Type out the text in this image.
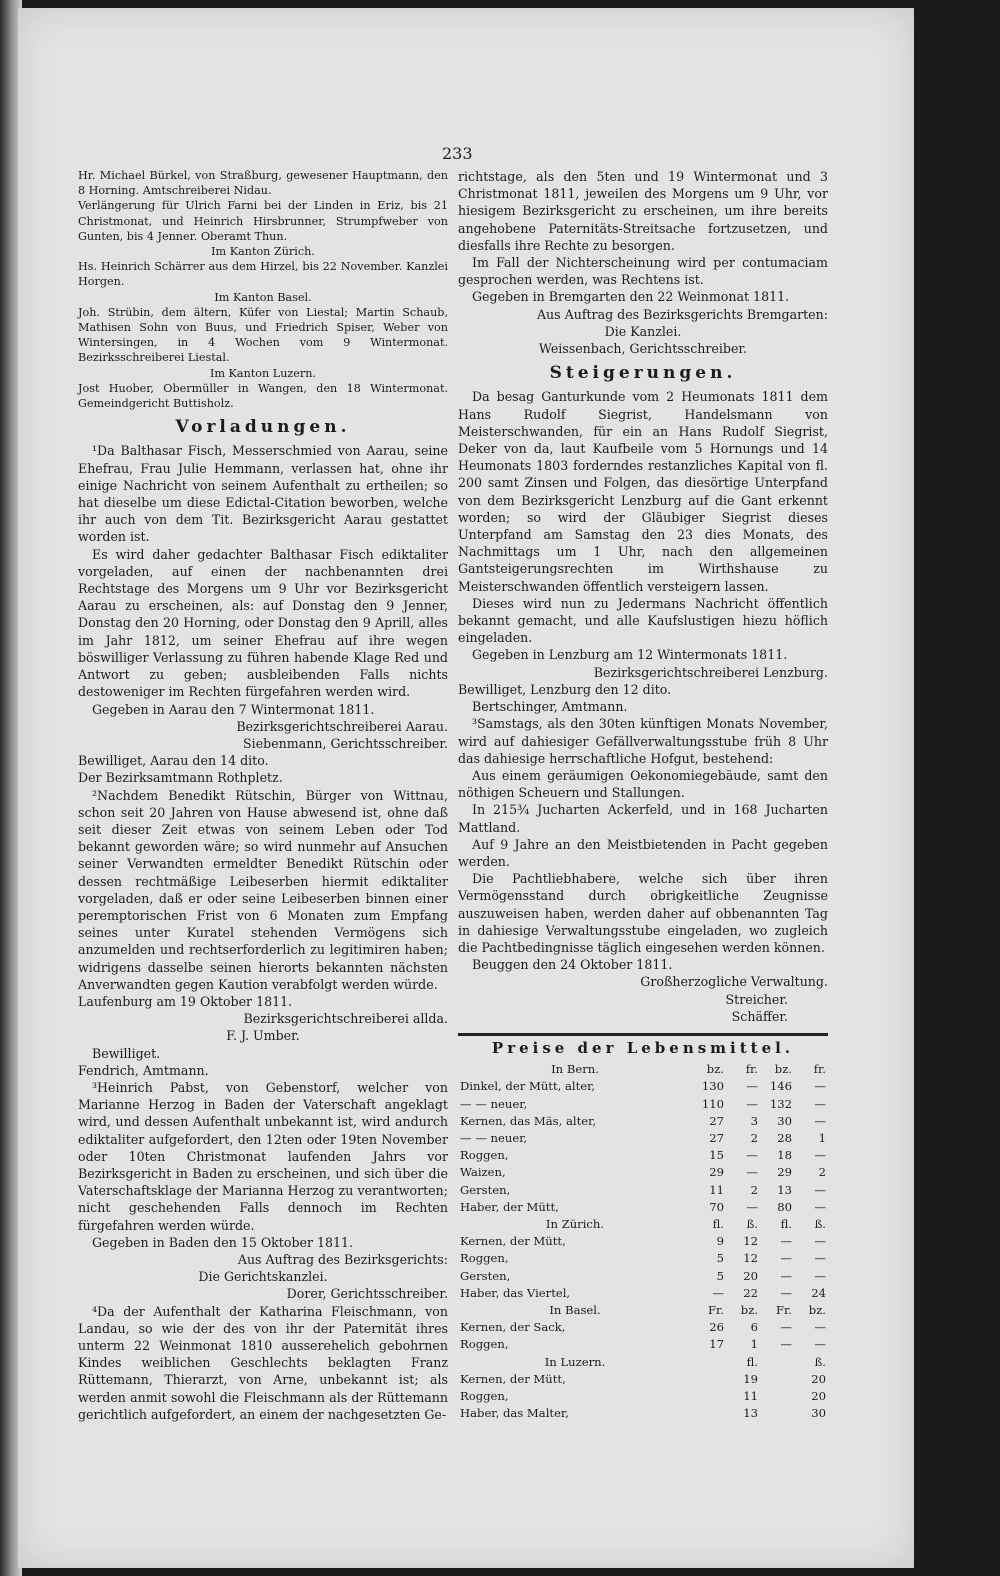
233

Hr. Michael Bürkel, von Straßburg, gewesener Hauptmann, den 8 Horning. Amtschreiberei Nidau.

Verlängerung für Ulrich Farni bei der Linden in Eriz, bis 21 Christmonat, und Heinrich Hirsbrunner, Strumpfweber von Gunten, bis 4 Jenner. Oberamt Thun.

Im Kanton Zürich.

Hs. Heinrich Schärrer aus dem Hirzel, bis 22 November. Kanzlei Horgen.

Im Kanton Basel.

Joh. Strübin, dem ältern, Küfer von Liestal; Martin Schaub, Mathisen Sohn von Buus, und Friedrich Spiser, Weber von Wintersingen, in 4 Wochen vom 9 Wintermonat. Bezirksschreiberei Liestal.

Im Kanton Luzern.

Jost Huober, Obermüller in Wangen, den 18 Wintermonat. Gemeindgericht Buttisholz.

Vorladungen.

¹Da Balthasar Fisch, Messerschmied von Aarau, seine Ehefrau, Frau Julie Hemmann, verlassen hat, ohne ihr einige Nachricht von seinem Aufenthalt zu ertheilen; so hat dieselbe um diese Edictal-Citation beworben, welche ihr auch von dem Tit. Bezirksgericht Aarau gestattet worden ist.

Es wird daher gedachter Balthasar Fisch ediktaliter vorgeladen, auf einen der nachbenannten drei Rechtstage des Morgens um 9 Uhr vor Bezirksgericht Aarau zu erscheinen, als: auf Donstag den 9 Jenner, Donstag den 20 Horning, oder Donstag den 9 Aprill, alles im Jahr 1812, um seiner Ehefrau auf ihre wegen böswilliger Verlassung zu führen habende Klage Red und Antwort zu geben; ausbleibenden Falls nichts destoweniger im Rechten fürgefahren werden wird.

Gegeben in Aarau den 7 Wintermonat 1811.

Bezirksgerichtschreiberei Aarau.

Siebenmann, Gerichtsschreiber.

Bewilliget, Aarau den 14 dito.

Der Bezirksamtmann Rothpletz.

²Nachdem Benedikt Rütschin, Bürger von Wittnau, schon seit 20 Jahren von Hause abwesend ist, ohne daß seit dieser Zeit etwas von seinem Leben oder Tod bekannt geworden wäre; so wird nunmehr auf Ansuchen seiner Verwandten ermeldter Benedikt Rütschin oder dessen rechtmäßige Leibeserben hiermit ediktaliter vorgeladen, daß er oder seine Leibeserben binnen einer peremptorischen Frist von 6 Monaten zum Empfang seines unter Kuratel stehenden Vermögens sich anzumelden und rechtserforderlich zu legitimiren haben; widrigens dasselbe seinen hierorts bekannten nächsten Anverwandten gegen Kaution verabfolgt werden würde.

Laufenburg am 19 Oktober 1811.

Bezirksgerichtschreiberei allda.

F. J. Umber.

Bewilliget.

Fendrich, Amtmann.

³Heinrich Pabst, von Gebenstorf, welcher von Marianne Herzog in Baden der Vaterschaft angeklagt wird, und dessen Aufenthalt unbekannt ist, wird andurch ediktaliter aufgefordert, den 12ten oder 19ten November oder 10ten Christmonat laufenden Jahrs vor Bezirksgericht in Baden zu erscheinen, und sich über die Vaterschaftsklage der Marianna Herzog zu verantworten; nicht geschehenden Falls dennoch im Rechten fürgefahren werden würde.

Gegeben in Baden den 15 Oktober 1811.

Aus Auftrag des Bezirksgerichts:

Die Gerichtskanzlei.

Dorer, Gerichtsschreiber.

⁴Da der Aufenthalt der Katharina Fleischmann, von Landau, so wie der des von ihr der Paternität ihres unterm 22 Weinmonat 1810 ausserehelich gebohrnen Kindes weiblichen Geschlechts beklagten Franz Rüttemann, Thierarzt, von Arne, unbekannt ist; als werden anmit sowohl die Fleischmann als der Rüttemann gerichtlich aufgefordert, an einem der nachgesetzten Ge-

richtstage, als den 5ten und 19 Wintermonat und 3 Christmonat 1811, jeweilen des Morgens um 9 Uhr, vor hiesigem Bezirksgericht zu erscheinen, um ihre bereits angehobene Paternitäts-Streitsache fortzusetzen, und diesfalls ihre Rechte zu besorgen.

Im Fall der Nichterscheinung wird per contumaciam gesprochen werden, was Rechtens ist.

Gegeben in Bremgarten den 22 Weinmonat 1811.

Aus Auftrag des Bezirksgerichts Bremgarten:

Die Kanzlei.

Weissenbach, Gerichtsschreiber.

Steigerungen.

Da besag Ganturkunde vom 2 Heumonats 1811 dem Hans Rudolf Siegrist, Handelsmann von Meisterschwanden, für ein an Hans Rudolf Siegrist, Deker von da, laut Kaufbeile vom 5 Hornungs und 14 Heumonats 1803 forderndes restanzliches Kapital von fl. 200 samt Zinsen und Folgen, das diesörtige Unterpfand von dem Bezirksgericht Lenzburg auf die Gant erkennt worden; so wird der Gläubiger Siegrist dieses Unterpfand am Samstag den 23 dies Monats, des Nachmittags um 1 Uhr, nach den allgemeinen Gantsteigerungsrechten im Wirthshause zu Meisterschwanden öffentlich versteigern lassen.

Dieses wird nun zu Jedermans Nachricht öffentlich bekannt gemacht, und alle Kaufslustigen hiezu höflich eingeladen.

Gegeben in Lenzburg am 12 Wintermonats 1811.

Bezirksgerichtschreiberei Lenzburg.

Bewilliget, Lenzburg den 12 dito.

Bertschinger, Amtmann.

³Samstags, als den 30ten künftigen Monats November, wird auf dahiesiger Gefällverwaltungsstube früh 8 Uhr das dahiesige herrschaftliche Hofgut, bestehend:

Aus einem geräumigen Oekonomiegebäude, samt den nöthigen Scheuern und Stallungen.

In 215¾ Jucharten Ackerfeld, und in 168 Jucharten Mattland.

Auf 9 Jahre an den Meistbietenden in Pacht gegeben werden.

Die Pachtliebhabere, welche sich über ihren Vermögensstand durch obrigkeitliche Zeugnisse auszuweisen haben, werden daher auf obbenannten Tag in dahiesige Verwaltungsstube eingeladen, wo zugleich die Pachtbedingnisse täglich eingesehen werden können.

Beuggen den 24 Oktober 1811.

Großherzogliche Verwaltung.

Streicher.

Schäffer.

Preise der Lebensmittel.
In Bern.	bz.	fr.	bz.	fr.
Dinkel, der Mütt, alter,	130	—	146	—
— — neuer,	110	—	132	—
Kernen, das Mäs, alter,	27	3	30	—
— — neuer,	27	2	28	1
Roggen,	15	—	18	—
Waizen,	29	—	29	2
Gersten,	11	2	13	—
Haber, der Mütt,	70	—	80	—
In Zürich.	fl.	ß.	fl.	ß.
Kernen, der Mütt,	9	12	—	—
Roggen,	5	12	—	—
Gersten,	5	20	—	—
Haber, das Viertel,	—	22	—	24
In Basel.	Fr.	bz.	Fr.	bz.
Kernen, der Sack,	26	6	—	—
Roggen,	17	1	—	—
In Luzern.		fl.		ß.
Kernen, der Mütt,		19		20
Roggen,		11		20
Haber, das Malter,		13		30
